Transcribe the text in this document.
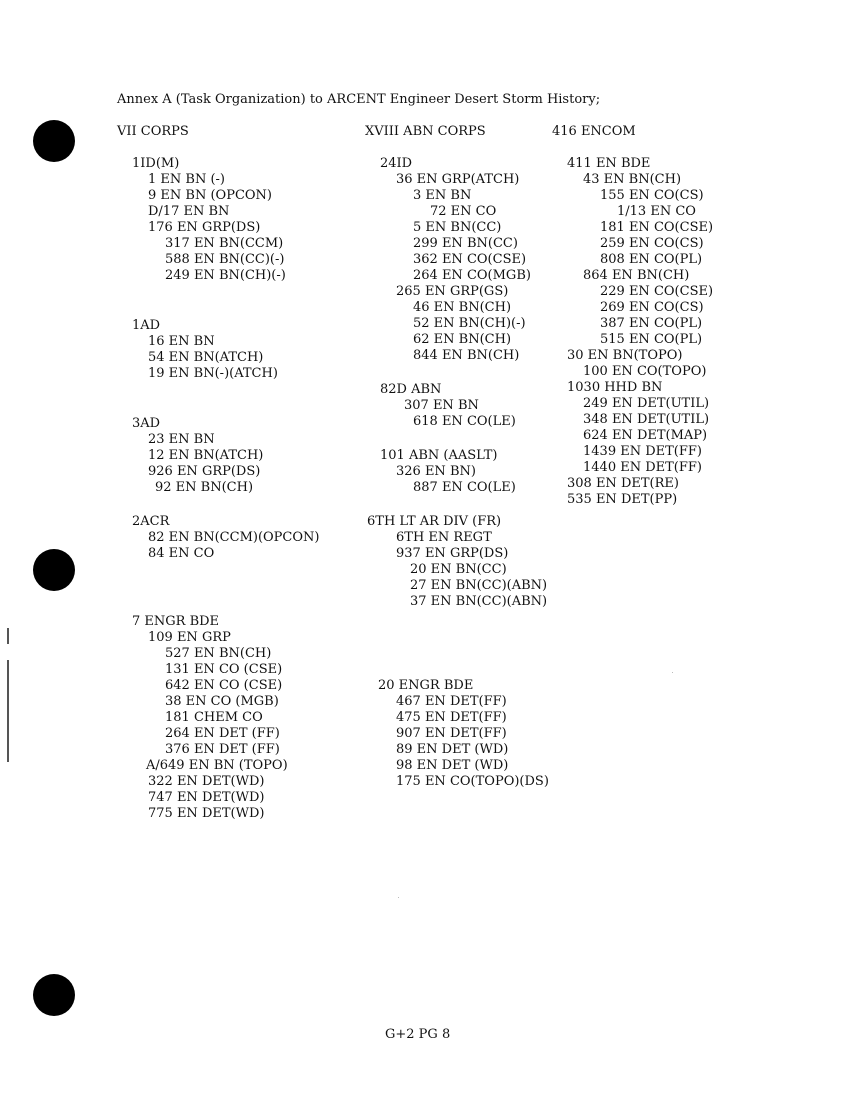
Annex A (Task Organization) to ARCENT Engineer Desert Storm History;
G+2 PG 8
VII CORPS
1ID(M)
1 EN BN (-)
9 EN BN (OPCON)
D/17 EN BN
176 EN GRP(DS)
317 EN BN(CCM)
588 EN BN(CC)(-)
249 EN BN(CH)(-)
1AD
16 EN BN
54 EN BN(ATCH)
19 EN BN(-)(ATCH)
3AD
23 EN BN
12 EN BN(ATCH)
926 EN GRP(DS)
92 EN BN(CH)
2ACR
82 EN BN(CCM)(OPCON)
84 EN CO
7 ENGR BDE
109 EN GRP
527 EN BN(CH)
131 EN CO (CSE)
642 EN CO (CSE)
38 EN CO (MGB)
181 CHEM CO
264 EN DET (FF)
376 EN DET (FF)
A/649 EN BN (TOPO)
322 EN DET(WD)
747 EN DET(WD)
775 EN DET(WD)
XVIII ABN CORPS
24ID
36 EN GRP(ATCH)
3 EN BN
72 EN CO
5 EN BN(CC)
299 EN BN(CC)
362 EN CO(CSE)
264 EN CO(MGB)
265 EN GRP(GS)
46 EN BN(CH)
52 EN BN(CH)(-)
62 EN BN(CH)
844 EN BN(CH)
82D ABN
307 EN BN
618 EN CO(LE)
101 ABN (AASLT)
326 EN BN)
887 EN CO(LE)
6TH LT AR DIV (FR)
6TH EN REGT
937 EN GRP(DS)
20 EN BN(CC)
27 EN BN(CC)(ABN)
37 EN BN(CC)(ABN)
20 ENGR BDE
467 EN DET(FF)
475 EN DET(FF)
907 EN DET(FF)
89 EN DET (WD)
98 EN DET (WD)
175 EN CO(TOPO)(DS)
416 ENCOM
411 EN BDE
43 EN BN(CH)
155 EN CO(CS)
1/13 EN CO
181 EN CO(CSE)
259 EN CO(CS)
808 EN CO(PL)
864 EN BN(CH)
229 EN CO(CSE)
269 EN CO(CS)
387 EN CO(PL)
515 EN CO(PL)
30 EN BN(TOPO)
100 EN CO(TOPO)
1030 HHD BN
249 EN DET(UTIL)
348 EN DET(UTIL)
624 EN DET(MAP)
1439 EN DET(FF)
1440 EN DET(FF)
308 EN DET(RE)
535 EN DET(PP)
